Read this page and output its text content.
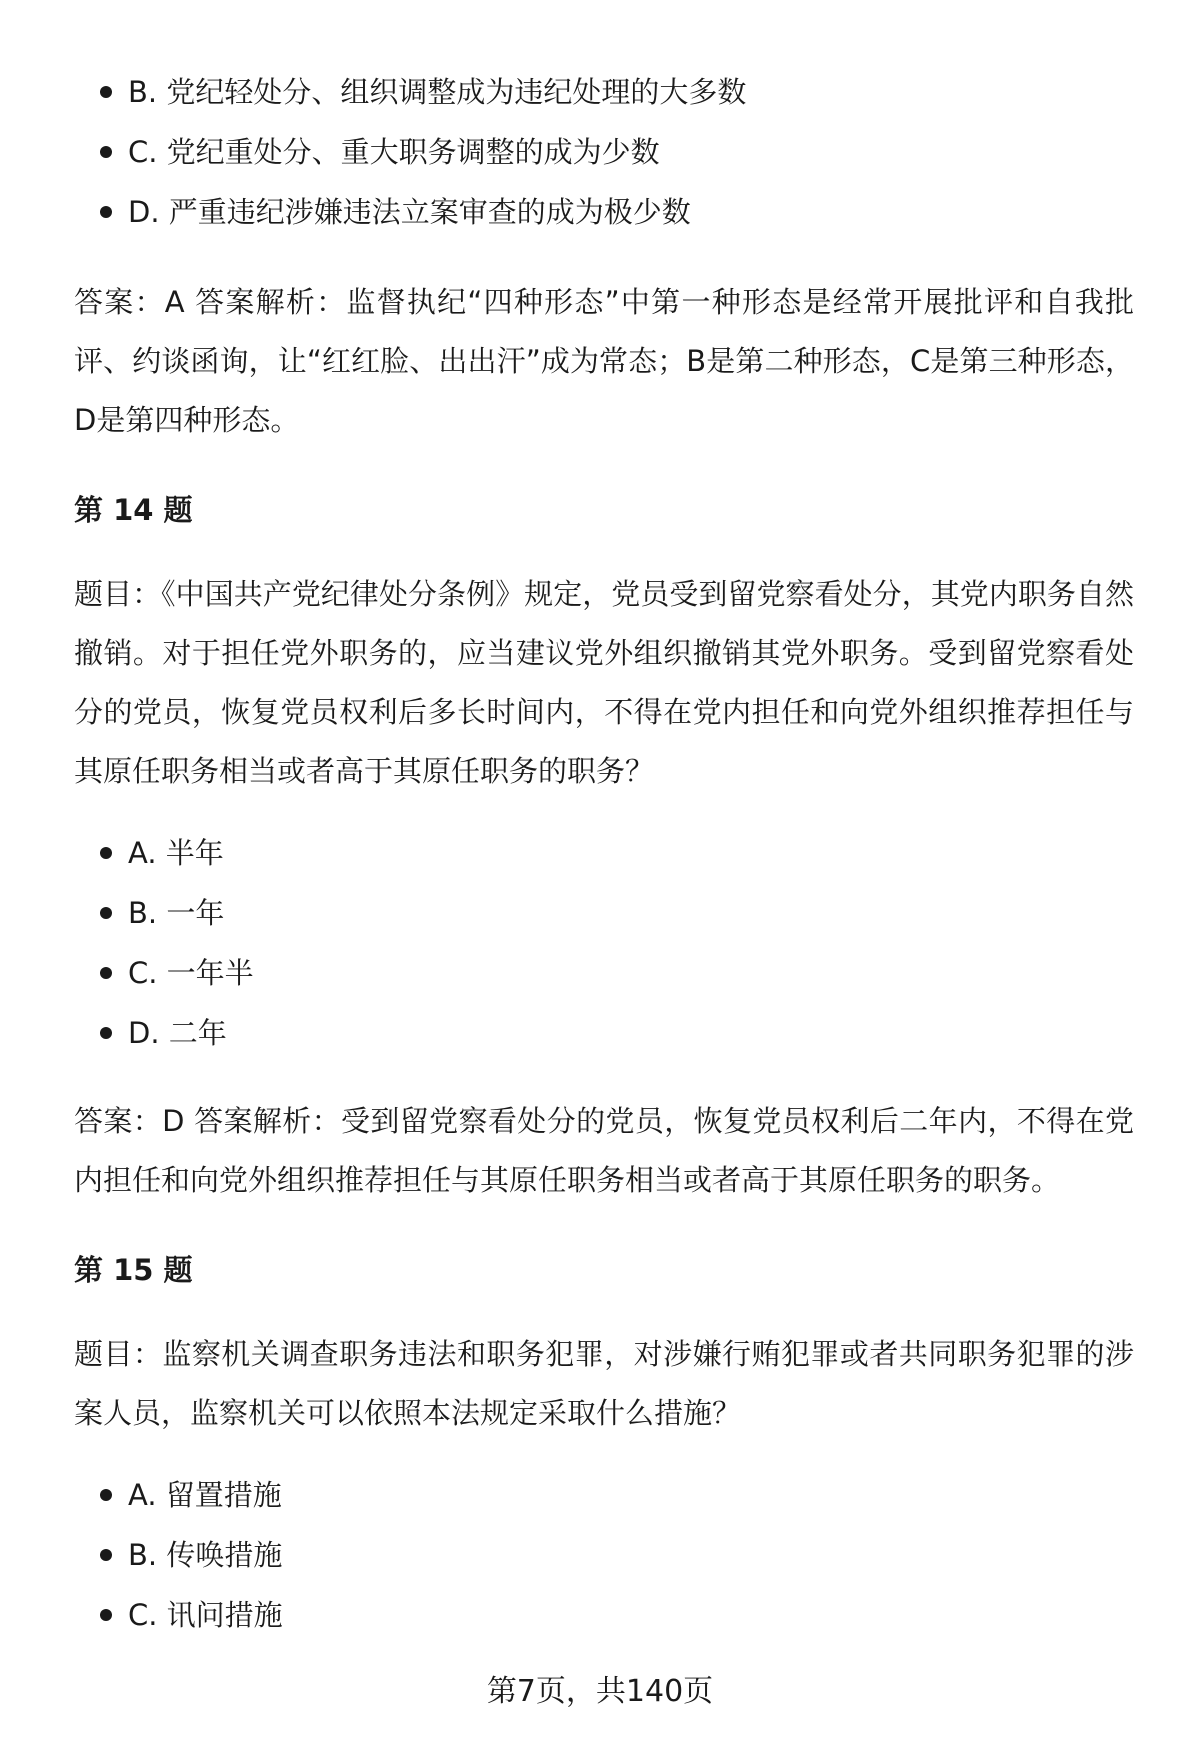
B. 党纪轻处分、组织调整成为违纪处理的大多数
C. 党纪重处分、重大职务调整的成为少数
D. 严重违纪涉嫌违法立案审查的成为极少数

答案：A 答案解析：监督执纪“四种形态”中第一种形态是经常开展批评和自我批评、约谈函询，让“红红脸、出出汗”成为常态；B是第二种形态，C是第三种形态，D是第四种形态。

第 14 题

题目：《中国共产党纪律处分条例》规定，党员受到留党察看处分，其党内职务自然撤销。对于担任党外职务的，应当建议党外组织撤销其党外职务。受到留党察看处分的党员，恢复党员权利后多长时间内，不得在党内担任和向党外组织推荐担任与其原任职务相当或者高于其原任职务的职务？

A. 半年
B. 一年
C. 一年半
D. 二年

答案：D 答案解析：受到留党察看处分的党员，恢复党员权利后二年内，不得在党内担任和向党外组织推荐担任与其原任职务相当或者高于其原任职务的职务。

第 15 题

题目：监察机关调查职务违法和职务犯罪，对涉嫌行贿犯罪或者共同职务犯罪的涉案人员，监察机关可以依照本法规定采取什么措施？

A. 留置措施
B. 传唤措施
C. 讯问措施
第7页，共140页
